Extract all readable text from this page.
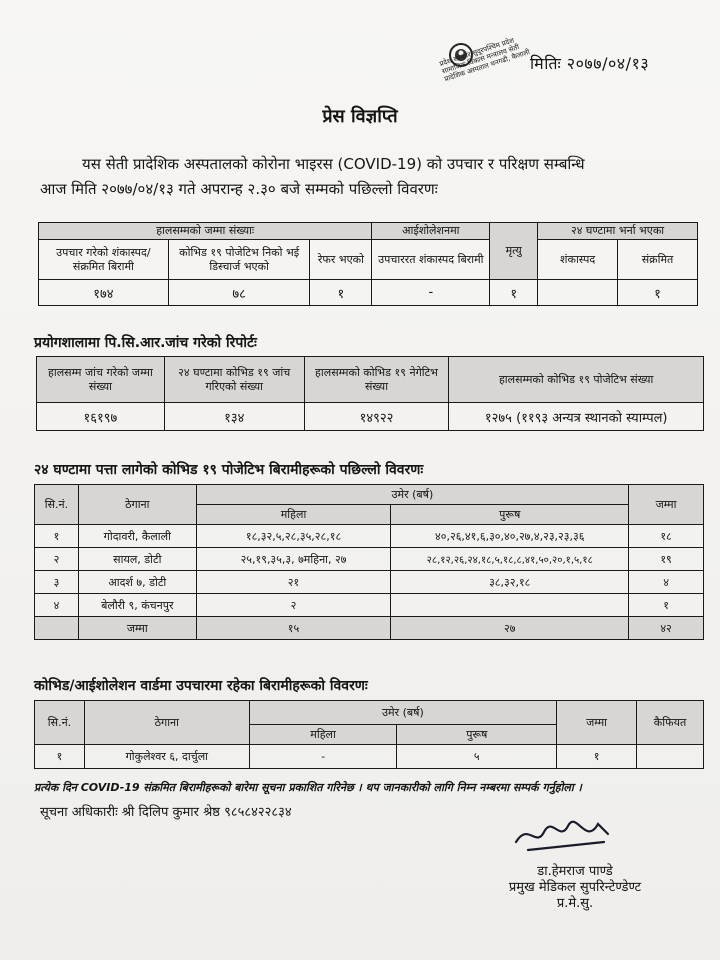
प्रदेश सरकार सुदूरपश्चिम प्रदेश सामाजिक विकास मन्त्रालय सेती प्रादेशिक अस्पताल धनगढी, कैलाली मितिः २०७७/०४/१३
प्रेस विज्ञप्ति
यस सेती प्रादेशिक अस्पतालको कोरोना भाइरस (COVID-19) को उपचार र परिक्षण सम्बन्धि
आज मिति २०७७/०४/१३ गते अपरान्ह २.३० बजे सम्मको पछिल्लो विवरणः
हालसम्मको जम्मा संख्याः			आईशोलेशनमा	मृत्यु	२४ घण्टामा भर्ना भएका	
उपचार गरेको शंकास्पद/संक्रमित बिरामी	कोभिड १९ पोजेटिभ निको भई डिस्चार्ज भएको	रेफर भएको	उपचाररत शंकास्पद बिरामी		शंकास्पद	संक्रमित
१७४	७८	१	-	१		१
प्रयोगशालामा पि.सि.आर.जांच गरेको रिपोर्टः
हालसम्म जांच गरेको जम्मा संख्या	२४ घण्टामा कोभिड १९ जांच गरिएको संख्या	हालसम्मको कोभिड १९ नेगेटिभ संख्या	हालसम्मको कोभिड १९ पोजेटिभ संख्या
१६१९७	१३४	१४९२२	१२७५ (११९३ अन्यत्र स्थानको स्याम्पल)
२४ घण्टामा पत्ता लागेको कोभिड १९ पोजेटिभ बिरामीहरूको पछिल्लो विवरणः
सि.नं.	ठेगाना	उमेर (बर्ष)		जम्मा
		महिला	पुरूष	
१	गोदावरी, कैलाली	१८,३२,५,२८,३५,२८,१८	४०,२६,४१,६,३०,४०,२७,४,२३,२३,३६	१८
२	सायल, डोटी	२५,१९,३५,३, ७महिना, २७	२८,१२,२६,२४,१८,५,१८,८,४१,५०,२०,१,५,१८	१९
३	आदर्श ७, डोटी	२१	३८,३२,१८	४
४	बेलौरी ९, कंचनपुर	२		१
	जम्मा	१५	२७	४२
कोभिड/आईशोलेशन वार्डमा उपचारमा रहेका बिरामीहरूको विवरणः
सि.नं.	ठेगाना	उमेर (बर्ष)		जम्मा	कैफियत
		महिला	पुरूष		
१	गोकुलेश्वर ६, दार्चुला	-	५	१	
प्रत्येक दिन COVID-19 संक्रमित बिरामीहरूको बारेमा सूचना प्रकाशित गरिनेछ । थप जानकारीको लागि निम्न नम्बरमा सम्पर्क गर्नुहोला ।
सूचना अधिकारीः श्री दिलिप कुमार श्रेष्ठ ९८५८४२२८३४
डा.हेमराज पाण्डे
प्रमुख मेडिकल सुपरिन्टेण्डेण्ट
प्र.मे.सु.
